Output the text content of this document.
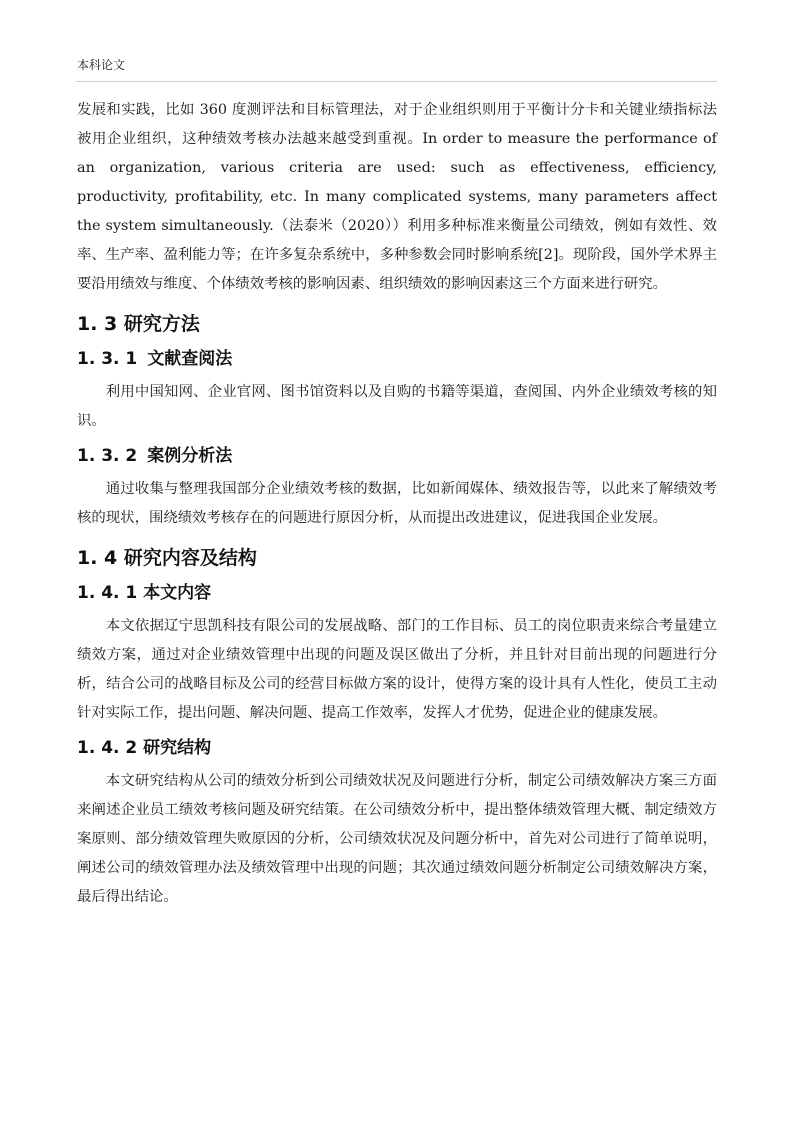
本科论文

发展和实践，比如 360 度测评法和目标管理法，对于企业组织则用于平衡计分卡和关键业绩指标法被用企业组织，这种绩效考核办法越来越受到重视。In order to measure the performance of an organization, various criteria are used: such as effectiveness, efficiency, productivity, profitability, etc. In many complicated systems, many parameters affect the system simultaneously.（法泰米（2020））利用多种标准来衡量公司绩效，例如有效性、效率、生产率、盈利能力等；在许多复杂系统中，多种参数会同时影响系统[2]。现阶段，国外学术界主要沿用绩效与维度、个体绩效考核的影响因素、组织绩效的影响因素这三个方面来进行研究。

1. 3 研究方法
1. 3. 1 文献查阅法

利用中国知网、企业官网、图书馆资料以及自购的书籍等渠道，查阅国、内外企业绩效考核的知识。

1. 3. 2 案例分析法

通过收集与整理我国部分企业绩效考核的数据，比如新闻媒体、绩效报告等，以此来了解绩效考核的现状，围绕绩效考核存在的问题进行原因分析，从而提出改进建议，促进我国企业发展。

1. 4 研究内容及结构
1. 4. 1 本文内容

本文依据辽宁思凯科技有限公司的发展战略、部门的工作目标、员工的岗位职责来综合考量建立绩效方案，通过对企业绩效管理中出现的问题及误区做出了分析，并且针对目前出现的问题进行分析，结合公司的战略目标及公司的经营目标做方案的设计，使得方案的设计具有人性化，使员工主动针对实际工作，提出问题、解决问题、提高工作效率，发挥人才优势，促进企业的健康发展。

1. 4. 2 研究结构

本文研究结构从公司的绩效分析到公司绩效状况及问题进行分析，制定公司绩效解决方案三方面来阐述企业员工绩效考核问题及研究结策。在公司绩效分析中，提出整体绩效管理大概、制定绩效方案原则、部分绩效管理失败原因的分析，公司绩效状况及问题分析中，首先对公司进行了简单说明，阐述公司的绩效管理办法及绩效管理中出现的问题；其次通过绩效问题分析制定公司绩效解决方案，最后得出结论。
